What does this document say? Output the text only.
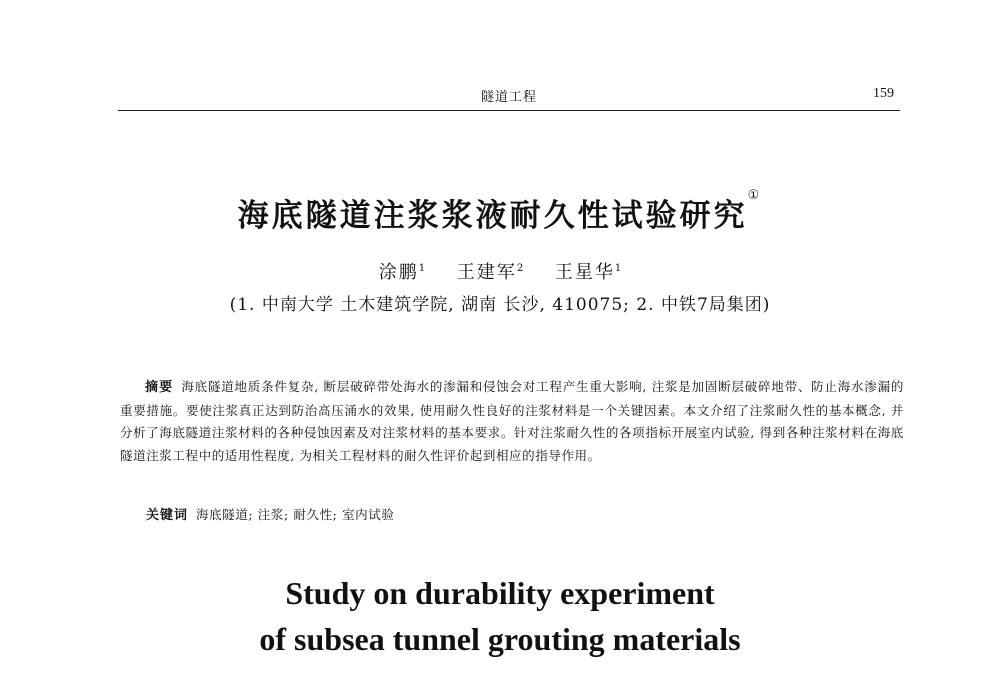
隧道工程	159
海底隧道注浆浆液耐久性试验研究①
涂鹏$^1$ 王建军$^2$ 王星华$^1$
(1. 中南大学 土木建筑学院, 湖南 长沙, 410075; 2. 中铁7局集团)
摘要 海底隧道地质条件复杂, 断层破碎带处海水的渗漏和侵蚀会对工程产生重大影响, 注浆是加固断层破碎地带、防止海水渗漏的重要措施。要使注浆真正达到防治高压涌水的效果, 使用耐久性良好的注浆材料是一个关键因素。本文介绍了注浆耐久性的基本概念, 并分析了海底隧道注浆材料的各种侵蚀因素及对注浆材料的基本要求。针对注浆耐久性的各项指标开展室内试验, 得到各种注浆材料在海底隧道注浆工程中的适用性程度, 为相关工程材料的耐久性评价起到相应的指导作用。
关键词 海底隧道; 注浆; 耐久性; 室内试验
Study on durability experiment
of subsea tunnel grouting materials
